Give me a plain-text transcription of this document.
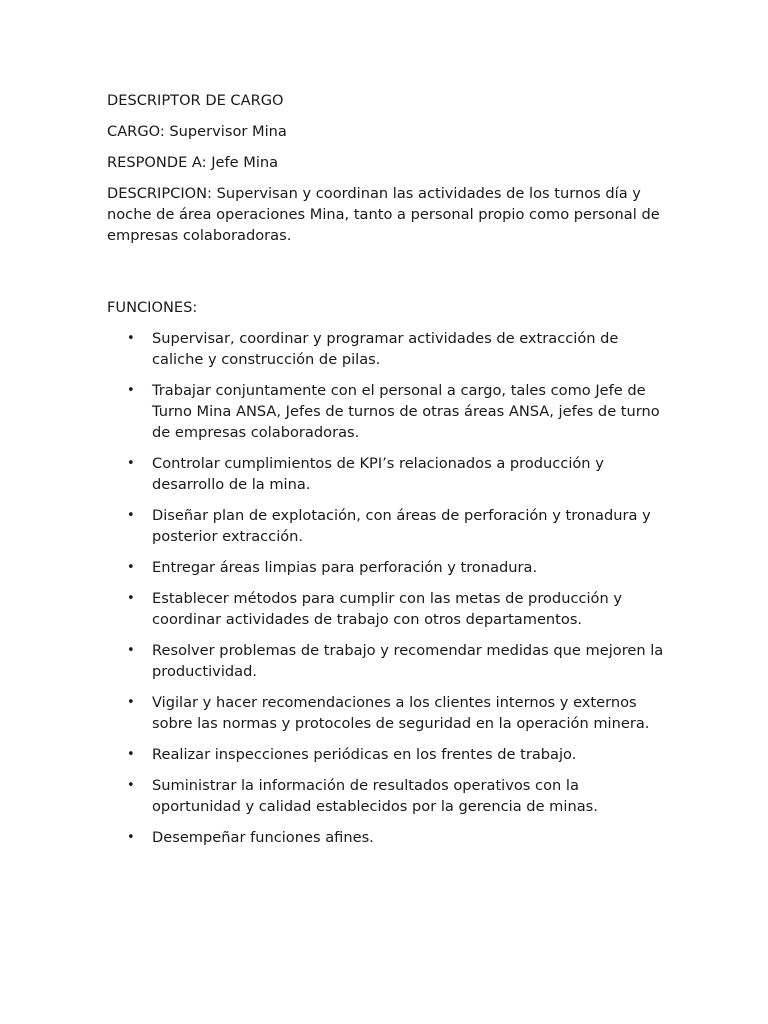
DESCRIPTOR DE CARGO

CARGO: Supervisor Mina

RESPONDE A: Jefe Mina

DESCRIPCION: Supervisan y coordinan las actividades de los turnos día y noche de área operaciones Mina, tanto a personal propio como personal de empresas colaboradoras.

FUNCIONES:

• Supervisar, coordinar y programar actividades de extracción de caliche y construcción de pilas.
• Trabajar conjuntamente con el personal a cargo, tales como Jefe de Turno Mina ANSA, Jefes de turnos de otras áreas ANSA, jefes de turno de empresas colaboradoras.
• Controlar cumplimientos de KPI’s relacionados a producción y desarrollo de la mina.
• Diseñar plan de explotación, con áreas de perforación y tronadura y posterior extracción.
• Entregar áreas limpias para perforación y tronadura.
• Establecer métodos para cumplir con las metas de producción y coordinar actividades de trabajo con otros departamentos.
• Resolver problemas de trabajo y recomendar medidas que mejoren la productividad.
• Vigilar y hacer recomendaciones a los clientes internos y externos sobre las normas y protocoles de seguridad en la operación minera.
• Realizar inspecciones periódicas en los frentes de trabajo.
• Suministrar la información de resultados operativos con la oportunidad y calidad establecidos por la gerencia de minas.
• Desempeñar funciones afines.
